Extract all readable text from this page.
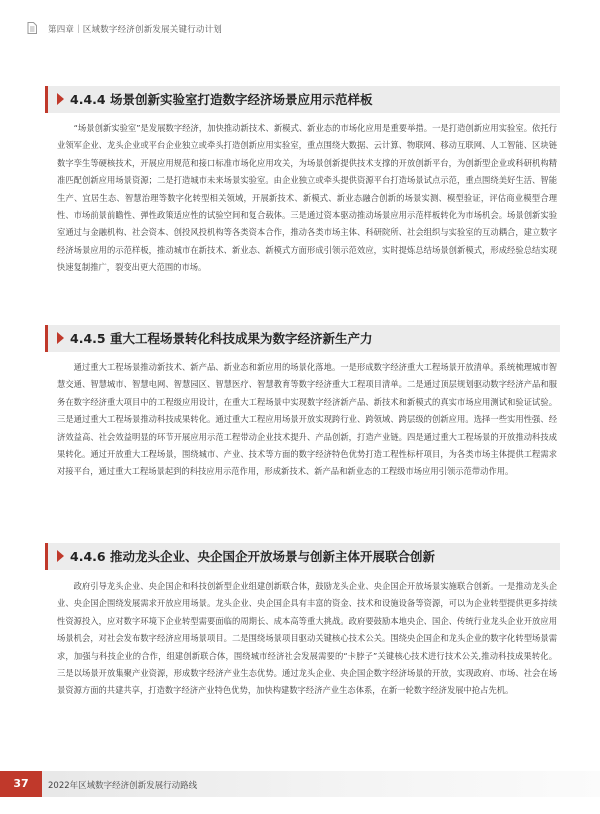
第四章｜区域数字经济创新发展关键行动计划
4.4.4 场景创新实验室打造数字经济场景应用示范样板

“场景创新实验室”是发展数字经济，加快推动新技术、新模式、新业态的市场化应用是重要举措。一是打造创新应用实验室。依托行业领军企业、龙头企业或平台企业独立或牵头打造创新应用实验室，重点围绕大数据、云计算、物联网、移动互联网、人工智能、区块链数字孪生等硬核技术，开展应用规范和接口标准市场化应用攻关，为场景创新提供技术支撑的开放创新平台，为创新型企业或科研机构精准匹配创新应用场景资源；二是打造城市未来场景实验室。由企业独立或牵头提供资源平台打造场景试点示范，重点围绕美好生活、智能生产、宜居生态、智慧治理等数字化转型相关领域，开展新技术、新模式、新业态融合创新的场景实测、模型验证，评估商业模型合理性、市场前景前瞻性、弹性政策适应性的试验空间和复合载体。三是通过资本驱动推动场景应用示范样板转化为市场机会。场景创新实验室通过与金融机构、社会资本、创投风投机构等各类资本合作，推动各类市场主体、科研院所、社会组织与实验室的互动耦合，建立数字经济场景应用的示范样板，推动城市在新技术、新业态、新模式方面形成引领示范效应，实时提炼总结场景创新模式，形成经验总结实现快速复制推广，裂变出更大范围的市场。

4.4.5 重大工程场景转化科技成果为数字经济新生产力

通过重大工程场景推动新技术、新产品、新业态和新应用的场景化落地。一是形成数字经济重大工程场景开放清单。系统梳理城市智慧交通、智慧城市、智慧电网、智慧园区、智慧医疗、智慧教育等数字经济重大工程项目清单。二是通过顶层规划驱动数字经济产品和服务在数字经济重大项目中的工程级应用设计，在重大工程场景中实现数字经济新产品、新技术和新模式的真实市场应用测试和验证试验。三是通过重大工程场景推动科技成果转化。通过重大工程应用场景开放实现跨行业、跨领域、跨层级的创新应用。选择一些实用性强、经济效益高、社会效益明显的环节开展应用示范工程带动企业技术提升、产品创新，打造产业链。四是通过重大工程场景的开放推动科技成果转化。通过开放重大工程场景，围绕城市、产业、技术等方面的数字经济特色优势打造工程性标杆项目，为各类市场主体提供工程需求对接平台，通过重大工程场景起到的科技应用示范作用，形成新技术、新产品和新业态的工程级市场应用引领示范带动作用。

4.4.6 推动龙头企业、央企国企开放场景与创新主体开展联合创新

政府引导龙头企业、央企国企和科技创新型企业组建创新联合体，鼓励龙头企业、央企国企开放场景实施联合创新。一是推动龙头企业、央企国企围绕发展需求开放应用场景。龙头企业、央企国企具有丰富的资金、技术和设施设备等资源，可以为企业转型提供更多持续性资源投入，应对数字环境下企业转型需要面临的周期长、成本高等重大挑战。政府要鼓励本地央企、国企、传统行业龙头企业开放应用场景机会，对社会发布数字经济应用场景项目。二是围绕场景项目驱动关键核心技术公关。围绕央企国企和龙头企业的数字化转型场景需求，加强与科技企业的合作，组建创新联合体，围绕城市经济社会发展需要的“卡脖子”关键核心技术进行技术公关,推动科技成果转化。三是以场景开放集聚产业资源，形成数字经济产业生态优势。通过龙头企业、央企国企数字经济场景的开放，实现政府、市场、社会在场景资源方面的共建共享，打造数字经济产业特色优势，加快构建数字经济产业生态体系，在新一轮数字经济发展中抢占先机。

37	2022年区域数字经济创新发展行动路线
